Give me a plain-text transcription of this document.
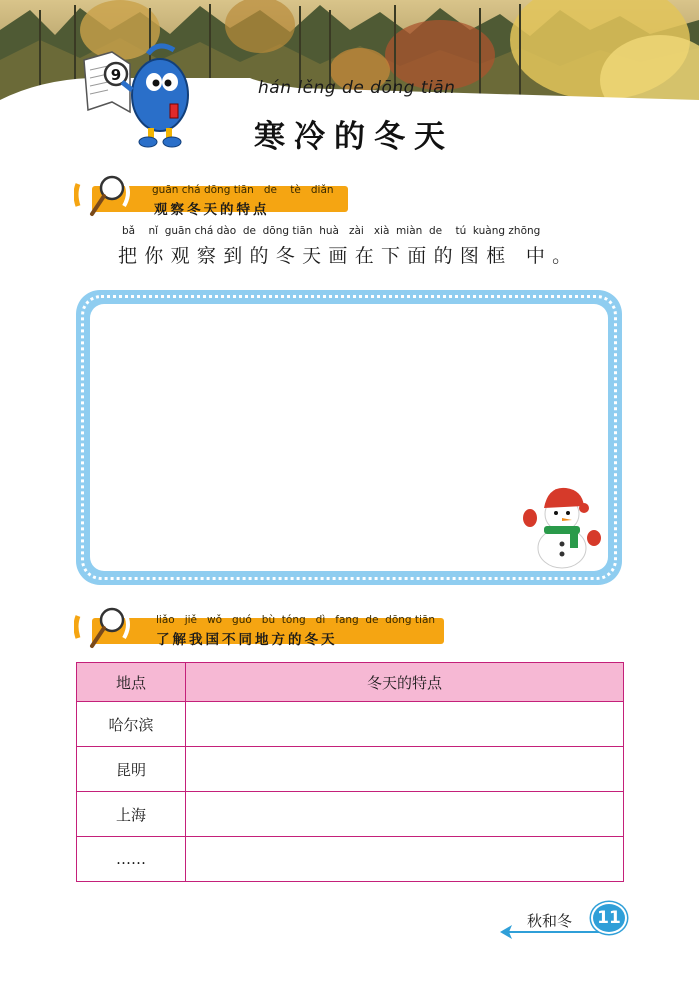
hán lěng de dōng tiān
寒冷的冬天
9
guān chá dōng tiān   de    tè   diǎn
观察冬天的特点
bǎ    nǐ  guān chá dào  de  dōng tiān  huà   zài   xià  miàn  de    tú  kuàng zhōng
把你观察到的冬天画在下面的图框 中。
liǎo   jiě   wǒ   guó   bù  tóng   dì   fang  de  dōng tiān
了解我国不同地方的冬天
地点	冬天的特点
哈尔滨	
昆明	
上海	
……	
秋和冬	11
